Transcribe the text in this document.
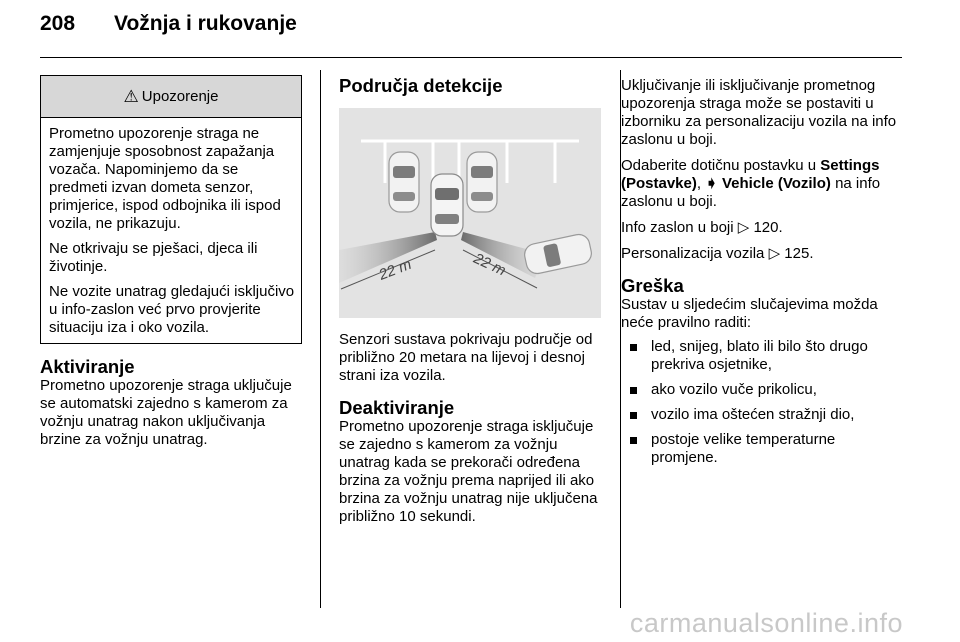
208	Vožnja i rukovanje
⚠ Upozorenje

Prometno upozorenje straga ne zamjenjuje sposobnost zapažanja vozača. Napominjemo da se predmeti izvan dometa senzor, primjerice, ispod odbojnika ili ispod vozila, ne prikazuju.

Ne otkrivaju se pješaci, djeca ili životinje.

Ne vozite unatrag gledajući isključivo u info-zaslon već prvo provjerite situaciju iza i oko vozila.

Aktiviranje

Prometno upozorenje straga uključuje se automatski zajedno s kamerom za vožnju unatrag nakon uključivanja brzine za vožnju unatrag.

Područja detekcije
22 m	22 m

Senzori sustava pokrivaju područje od približno 20 metara na lijevoj i desnoj strani iza vozila.

Deaktiviranje

Prometno upozorenje straga isključuje se zajedno s kamerom za vožnju unatrag kada se prekorači određena brzina za vožnju prema naprijed ili ako brzina za vožnju unatrag nije uključena približno 10 sekundi.

Uključivanje ili isključivanje prometnog upozorenja straga može se postaviti u izborniku za personalizaciju vozila na info zaslonu u boji.

Odaberite dotičnu postavku u Settings (Postavke), ➧ Vehicle (Vozilo) na info zaslonu u boji.

Info zaslon u boji ▷ 120.

Personalizacija vozila ▷ 125.

Greška

Sustav u sljedećim slučajevima možda neće pravilno raditi:

led, snijeg, blato ili bilo što drugo prekriva osjetnike,
ako vozilo vuče prikolicu,
vozilo ima oštećen stražnji dio,
postoje velike temperaturne promjene.
carmanualsonline.info
